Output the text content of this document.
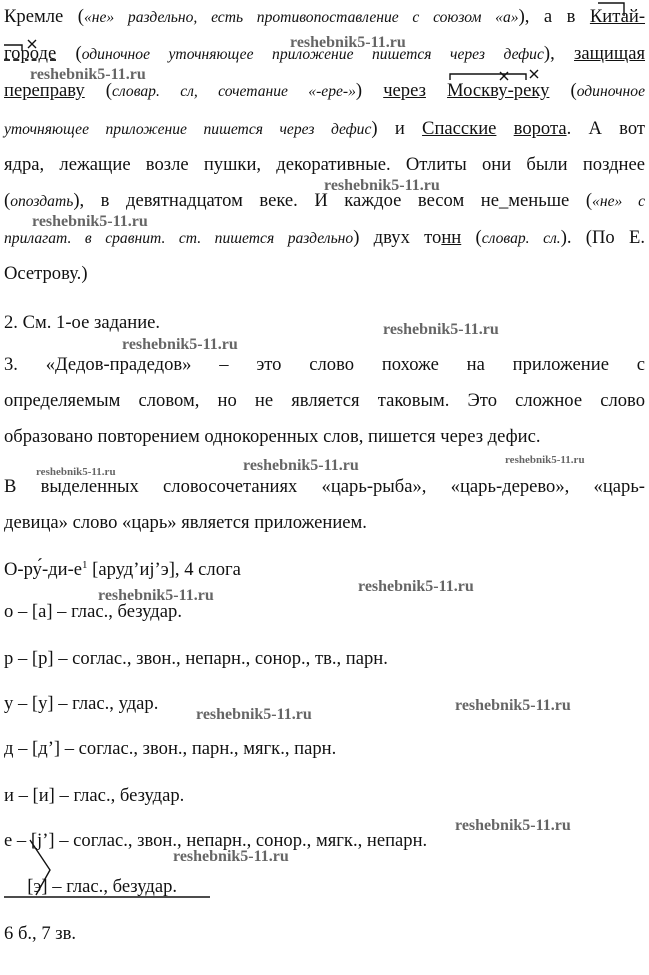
Кремле («не» раздельно, есть противопоставление с союзом «а»), а в Китай-
городе (одиночное уточняющее приложение пишется через дефис), защищая
переправу (словар. сл, сочетание «-ере-») через Москву-реку (одиночное
уточняющее приложение пишется через дефис) и Спасские ворота. А вот
ядра, лежащие возле пушки, декоративные. Отлиты они были позднее
(опоздать), в девятнадцатом веке. И каждое весом не_меньше («не» с
прилагат. в сравнит. ст. пишется раздельно) двух тонн (словар. сл.). (По Е.
Осетрову.)
2. См. 1-ое задание.
3. «Дедов-прадедов» – это слово похоже на приложение с
определяемым словом, но не является таковым. Это сложное слово
образовано повторением однокоренных слов, пишется через дефис.
В выделенных словосочетаниях «царь-рыба», «царь-дерево», «царь-
девица» слово «царь» является приложением.
$О-ру́-ди-е^1$ [аруд’иj’э], 4 слога
о – [а] – глас., безудар.
р – [р] – соглас., звон., непарн., сонор., тв., парн.
у – [у] – глас., удар.
д – [д’] – соглас., звон., парн., мягк., парн.
и – [и] – глас., безудар.
е – [j’] – соглас., звон., непарн., сонор., мягк., непарн.
[э] – глас., безудар.
6 б., 7 зв.
reshebnik5-11.ru
reshebnik5-11.ru
reshebnik5-11.ru
reshebnik5-11.ru
reshebnik5-11.ru
reshebnik5-11.ru
reshebnik5-11.ru	reshebnik5-11.ru	reshebnik5-11.ru
reshebnik5-11.ru
reshebnik5-11.ru
reshebnik5-11.ru
reshebnik5-11.ru
reshebnik5-11.ru
reshebnik5-11.ru
